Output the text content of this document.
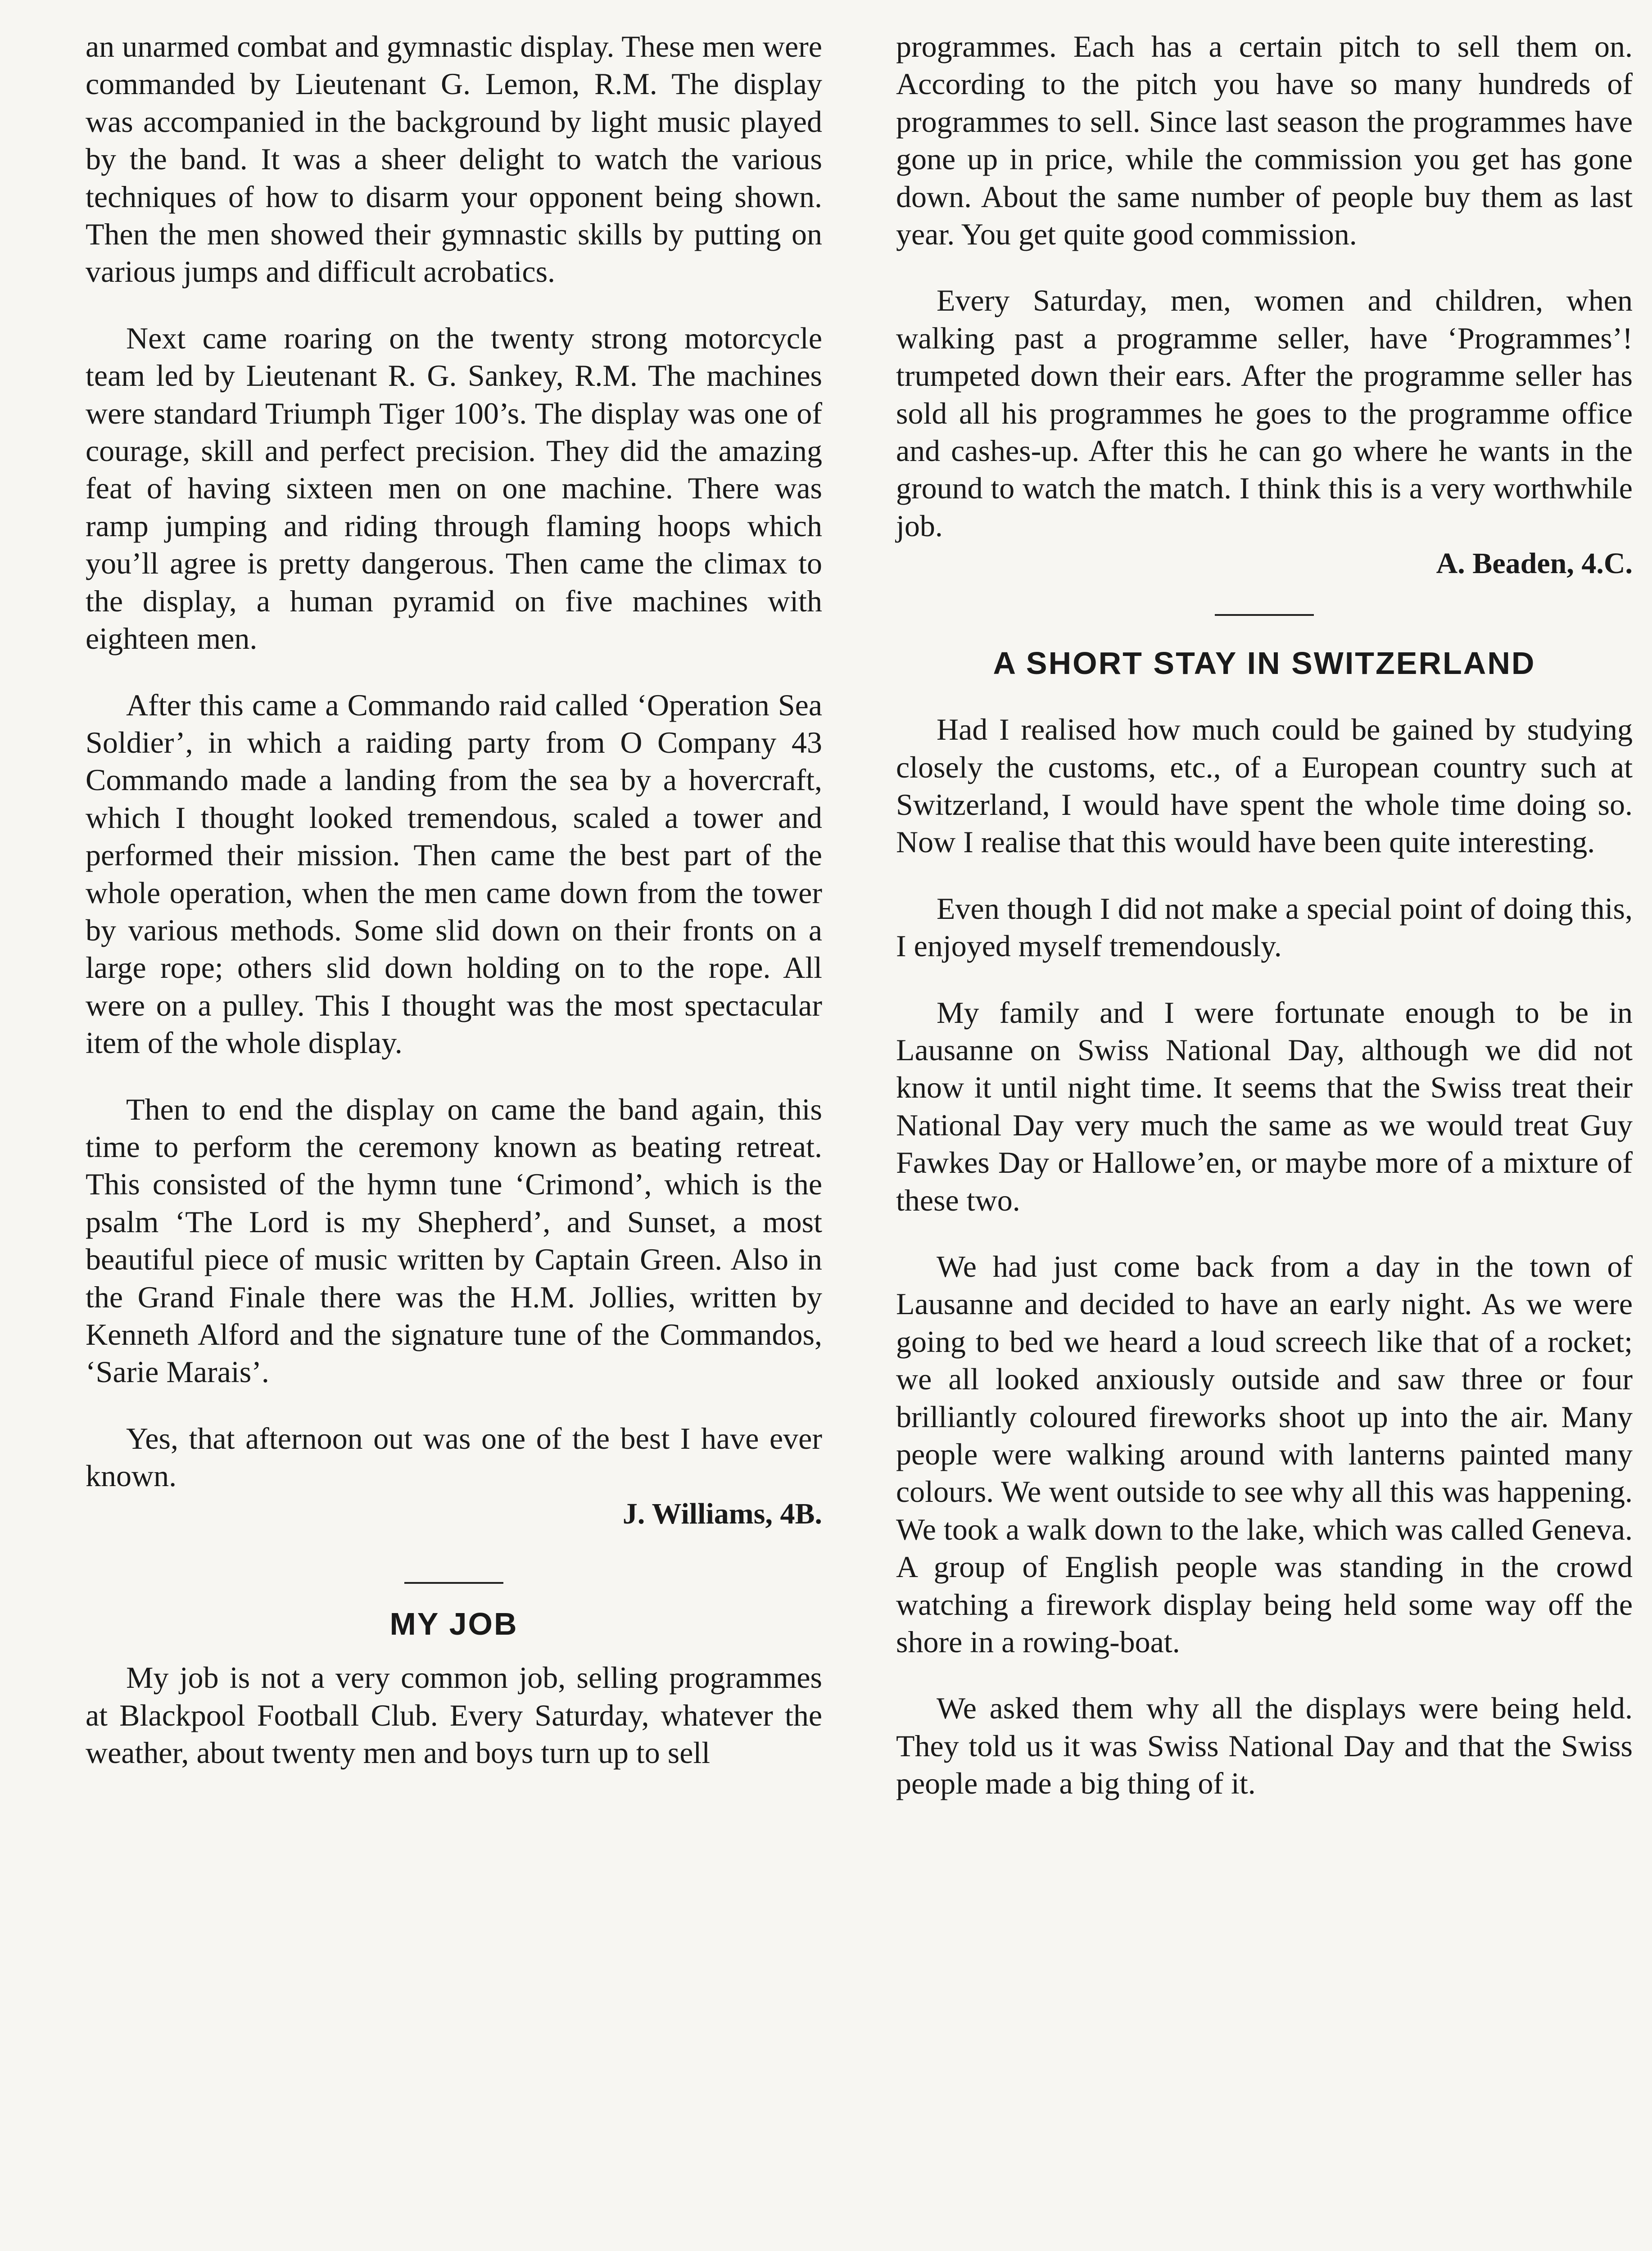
an unarmed combat and gymnastic display. These men were commanded by Lieutenant G. Lemon, R.M. The display was accompanied in the background by light music played by the band. It was a sheer delight to watch the various techniques of how to disarm your opponent being shown. Then the men showed their gymnastic skills by putting on various jumps and difficult acrobatics.

Next came roaring on the twenty strong motorcycle team led by Lieutenant R. G. Sankey, R.M. The machines were standard Triumph Tiger 100’s. The display was one of courage, skill and perfect precision. They did the amazing feat of having sixteen men on one machine. There was ramp jumping and riding through flaming hoops which you’ll agree is pretty dangerous. Then came the climax to the display, a human pyramid on five machines with eighteen men.

After this came a Commando raid called ‘Operation Sea Soldier’, in which a raiding party from O Company 43 Commando made a landing from the sea by a hovercraft, which I thought looked tremendous, scaled a tower and performed their mission. Then came the best part of the whole operation, when the men came down from the tower by various methods. Some slid down on their fronts on a large rope; others slid down holding on to the rope. All were on a pulley. This I thought was the most spectacular item of the whole display.

Then to end the display on came the band again, this time to perform the ceremony known as beating retreat. This consisted of the hymn tune ‘Crimond’, which is the psalm ‘The Lord is my Shepherd’, and Sunset, a most beautiful piece of music written by Captain Green. Also in the Grand Finale there was the H.M. Jollies, written by Kenneth Alford and the signature tune of the Commandos, ‘Sarie Marais’.

Yes, that afternoon out was one of the best I have ever known.

J. Williams, 4B.

MY JOB

My job is not a very common job, selling programmes at Blackpool Football Club. Every Saturday, whatever the weather, about twenty men and boys turn up to sell

programmes. Each has a certain pitch to sell them on. According to the pitch you have so many hundreds of programmes to sell. Since last season the programmes have gone up in price, while the commission you get has gone down. About the same number of people buy them as last year. You get quite good commission.

Every Saturday, men, women and children, when walking past a programme seller, have ‘Programmes’! trumpeted down their ears. After the programme seller has sold all his programmes he goes to the programme office and cashes-up. After this he can go where he wants in the ground to watch the match. I think this is a very worthwhile job.

A. Beaden, 4.C.

A SHORT STAY IN SWITZERLAND

Had I realised how much could be gained by studying closely the customs, etc., of a European country such at Switzerland, I would have spent the whole time doing so. Now I realise that this would have been quite interesting.

Even though I did not make a special point of doing this, I enjoyed myself tremendously.

My family and I were fortunate enough to be in Lausanne on Swiss National Day, although we did not know it until night time. It seems that the Swiss treat their National Day very much the same as we would treat Guy Fawkes Day or Hallowe’en, or maybe more of a mixture of these two.

We had just come back from a day in the town of Lausanne and decided to have an early night. As we were going to bed we heard a loud screech like that of a rocket; we all looked anxiously outside and saw three or four brilliantly coloured fireworks shoot up into the air. Many people were walking around with lanterns painted many colours. We went outside to see why all this was happening. We took a walk down to the lake, which was called Geneva. A group of English people was standing in the crowd watching a firework display being held some way off the shore in a rowing-boat.

We asked them why all the displays were being held. They told us it was Swiss National Day and that the Swiss people made a big thing of it.
